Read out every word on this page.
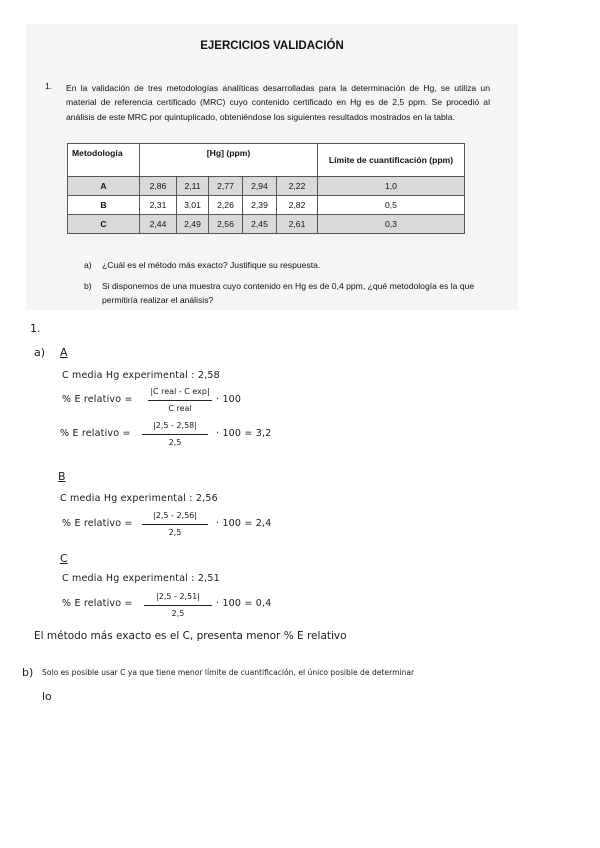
EJERCICIOS VALIDACIÓN
1. En la validación de tres metodologías analíticas desarrolladas para la determinación de Hg, se utiliza un material de referencia certificado (MRC) cuyo contenido certificado en Hg es de 2,5 ppm. Se procedió al análisis de este MRC por quintuplicado, obteniéndose los siguientes resultados mostrados en la tabla.
Metodología	[Hg] (ppm)					Límite de cuantificación (ppm)
A	2,86	2,11	2,77	2,94	2,22	1,0
B	2,31	3,01	2,26	2,39	2,82	0,5
C	2,44	2,49	2,56	2,45	2,61	0,3
a) ¿Cuál es el método más exacto? Justifique su respuesta.
b) Si disponemos de una muestra cuyo contenido en Hg es de 0,4 ppm, ¿qué metodología es la que permitiría realizar el análisis?
1.
a) A
C media Hg experimental : 2,58
% E relativo =
|C real - C exp|
C real
· 100
% E relativo =
|2,5 - 2,58|
2,5
· 100 = 3,2
B
C media Hg experimental : 2,56
% E relativo =
|2,5 - 2,56|
2,5
· 100 = 2,4
C
C media Hg experimental : 2,51
% E relativo =
|2,5 - 2,51|
2,5
· 100 = 0,4
El método más exacto es el C, presenta menor % E relativo
b) Solo es posible usar C ya que tiene menor límite de cuantificación, el único posible de determinar
lo
